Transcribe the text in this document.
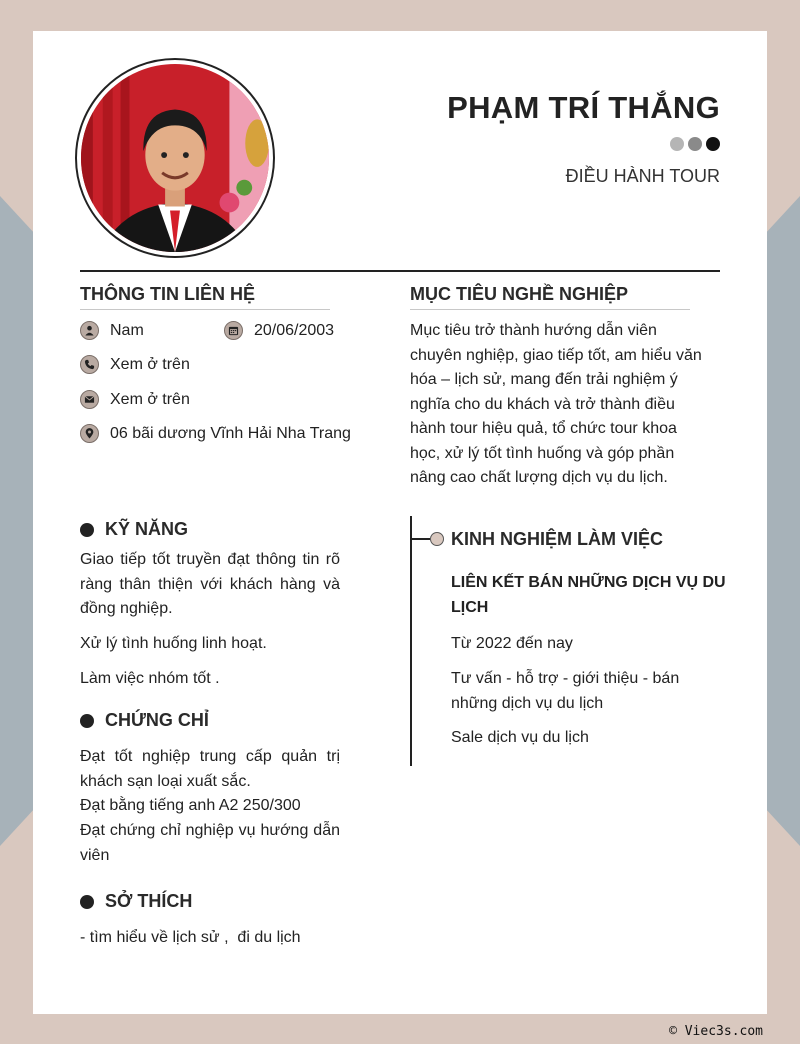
PHẠM TRÍ THẮNG
ĐIỀU HÀNH TOUR
THÔNG TIN LIÊN HỆ
Nam	20/06/2003
Xem ở trên
Xem ở trên
06 bãi dương Vĩnh Hải Nha Trang
MỤC TIÊU NGHỀ NGHIỆP
Mục tiêu trở thành hướng dẫn viên
chuyên nghiệp, giao tiếp tốt, am hiểu văn
hóa – lịch sử, mang đến trải nghiệm ý
nghĩa cho du khách và trở thành điều
hành tour hiệu quả, tổ chức tour khoa
học, xử lý tốt tình huống và góp phần
nâng cao chất lượng dịch vụ du lịch.
KỸ NĂNG
Giao tiếp tốt truyền đạt thông tin rõ ràng thân thiện với khách hàng và đồng nghiệp.
Xử lý tình huống linh hoạt.
Làm việc nhóm tốt .
CHỨNG CHỈ
Đạt tốt nghiệp trung cấp quản trị khách sạn loại xuất sắc.
Đạt bằng tiếng anh A2 250/300
Đạt chứng chỉ nghiệp vụ hướng dẫn viên
SỞ THÍCH
- tìm hiểu về lịch sử ,  đi du lịch
KINH NGHIỆM LÀM VIỆC
LIÊN KẾT BÁN NHỮNG DỊCH VỤ DU
LỊCH
Từ 2022 đến nay
Tư vấn - hỗ trợ - giới thiệu - bán những dịch vụ du lịch
Sale dịch vụ du lịch
© Viec3s.com
